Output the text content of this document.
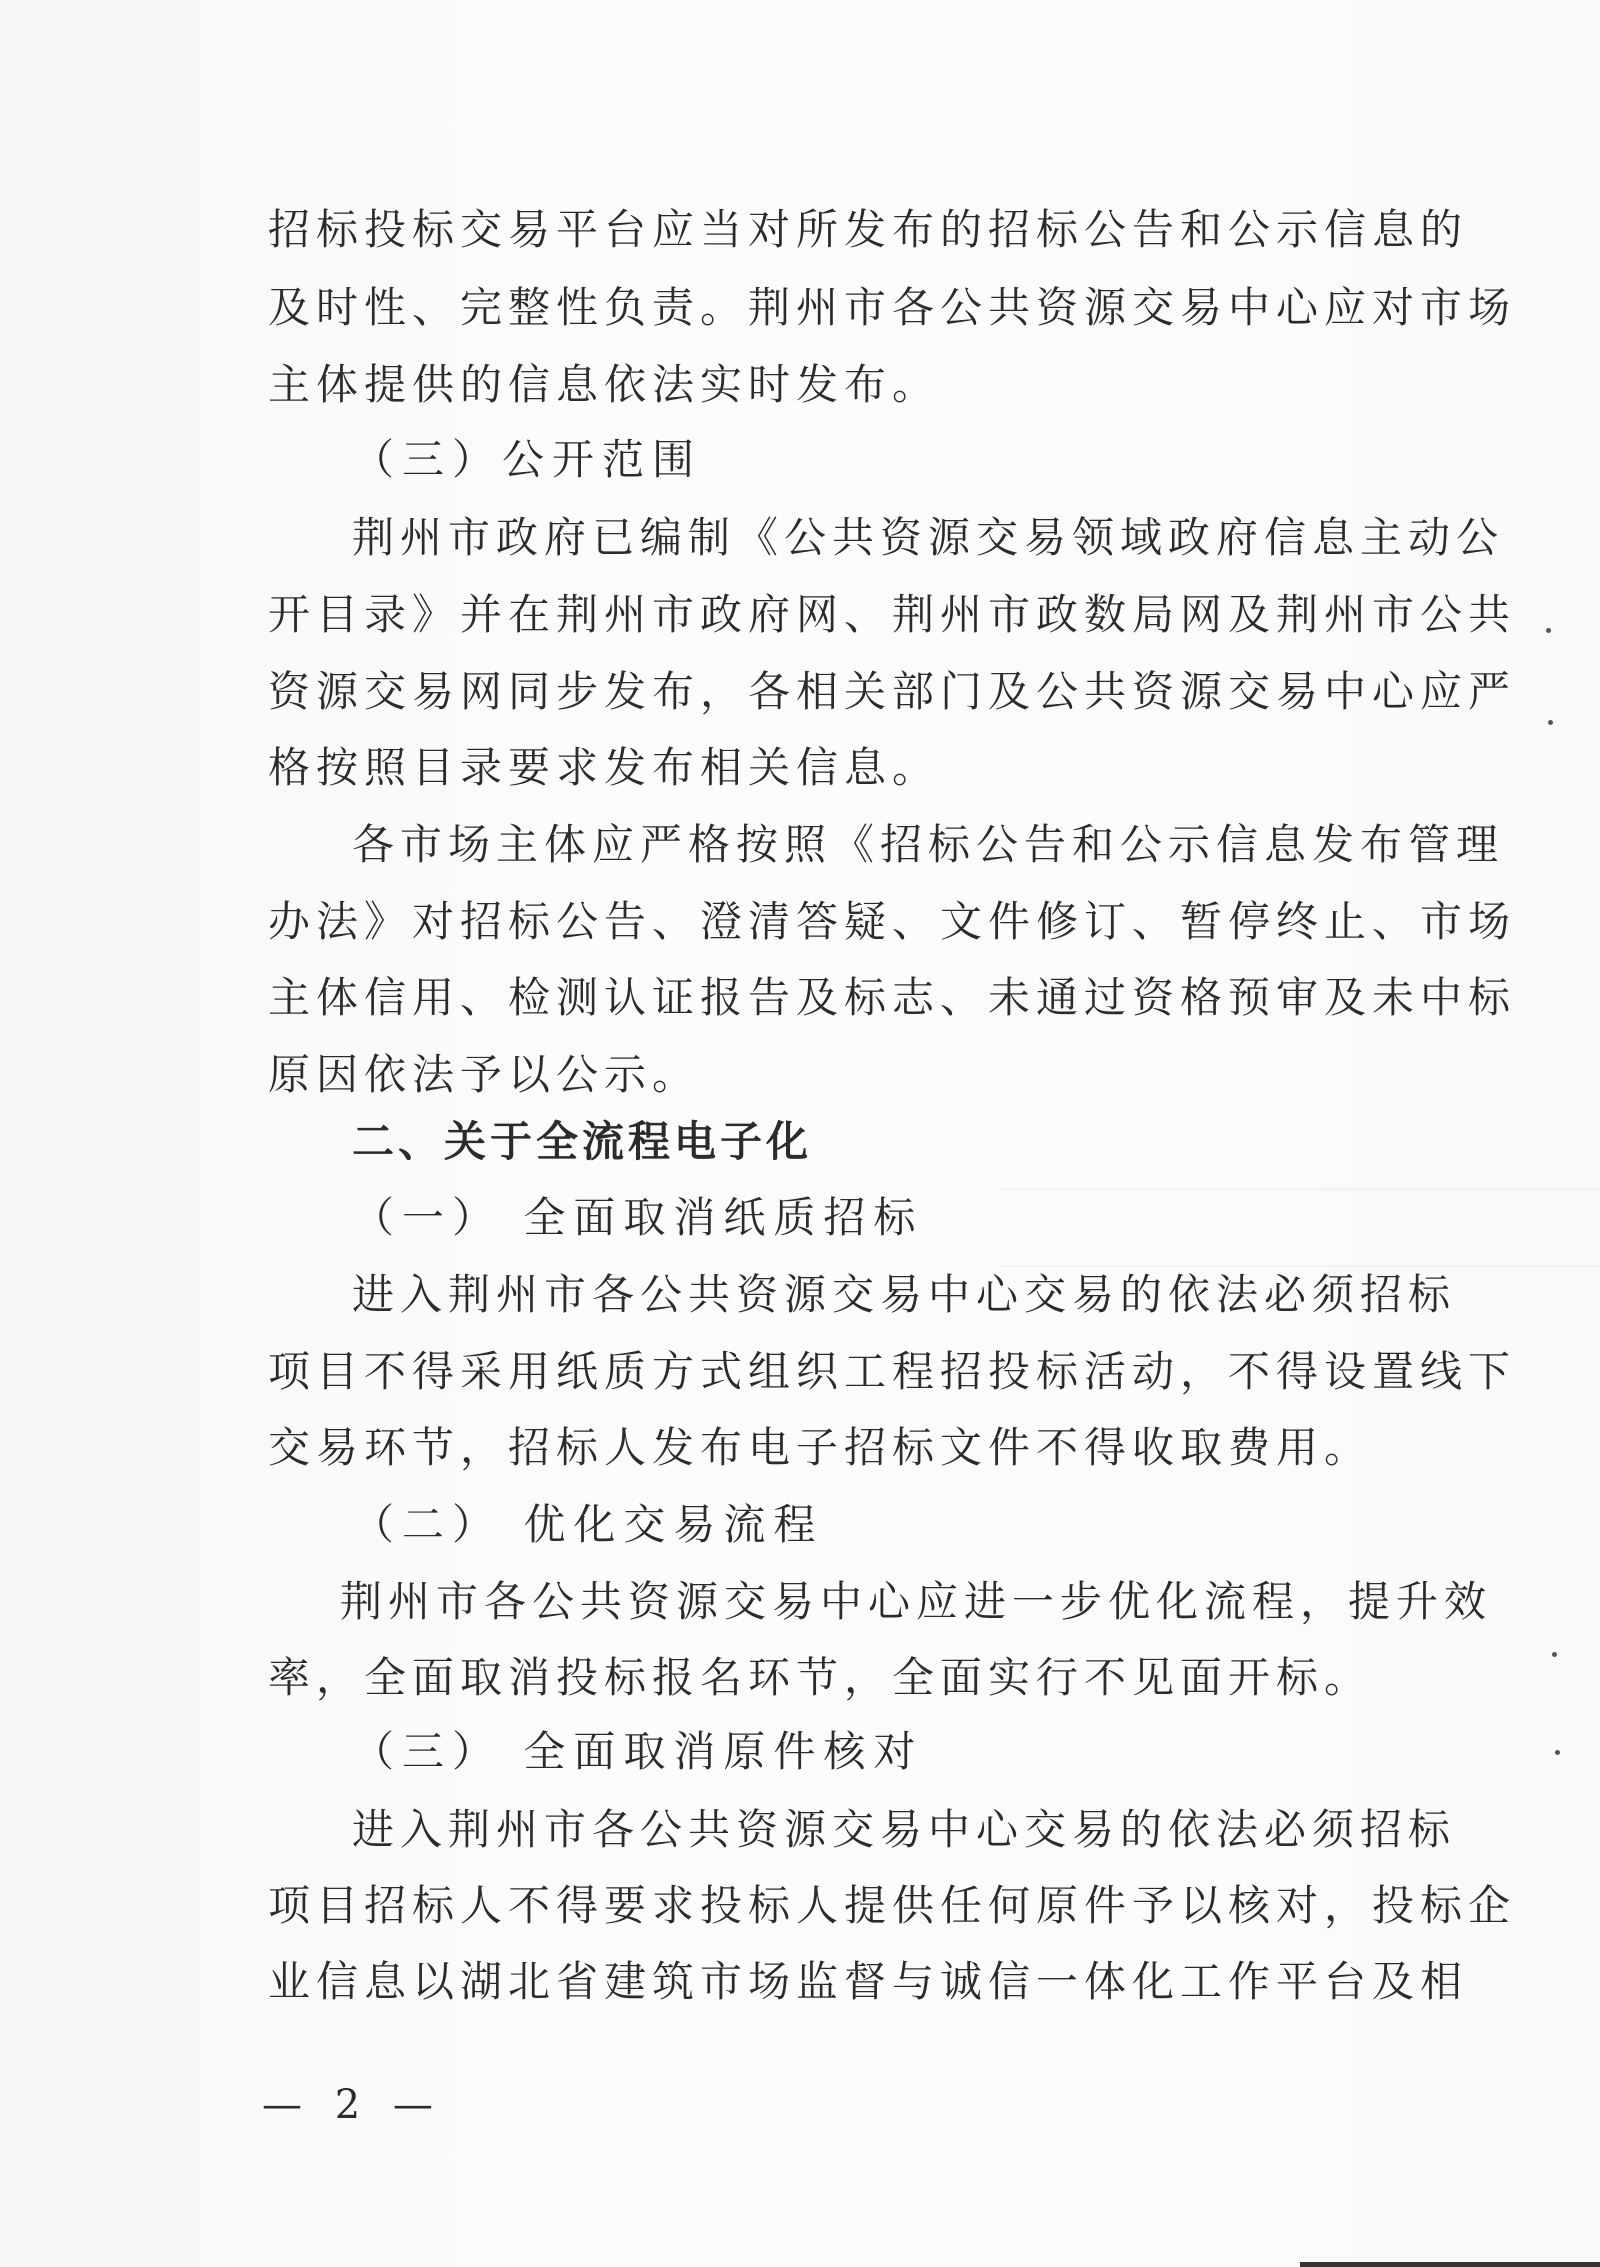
招标投标交易平台应当对所发布的招标公告和公示信息的
及时性、完整性负责。荆州市各公共资源交易中心应对市场
主体提供的信息依法实时发布。
（三）公开范围
荆州市政府已编制《公共资源交易领域政府信息主动公
开目录》并在荆州市政府网、荆州市政数局网及荆州市公共
资源交易网同步发布，各相关部门及公共资源交易中心应严
格按照目录要求发布相关信息。
各市场主体应严格按照《招标公告和公示信息发布管理
办法》对招标公告、澄清答疑、文件修订、暂停终止、市场
主体信用、检测认证报告及标志、未通过资格预审及未中标
原因依法予以公示。
二、关于全流程电子化
（一） 全面取消纸质招标
进入荆州市各公共资源交易中心交易的依法必须招标
项目不得采用纸质方式组织工程招投标活动，不得设置线下
交易环节，招标人发布电子招标文件不得收取费用。
（二） 优化交易流程
荆州市各公共资源交易中心应进一步优化流程，提升效
率，全面取消投标报名环节，全面实行不见面开标。
（三） 全面取消原件核对
进入荆州市各公共资源交易中心交易的依法必须招标
项目招标人不得要求投标人提供任何原件予以核对，投标企
业信息以湖北省建筑市场监督与诚信一体化工作平台及相
— 2 —
